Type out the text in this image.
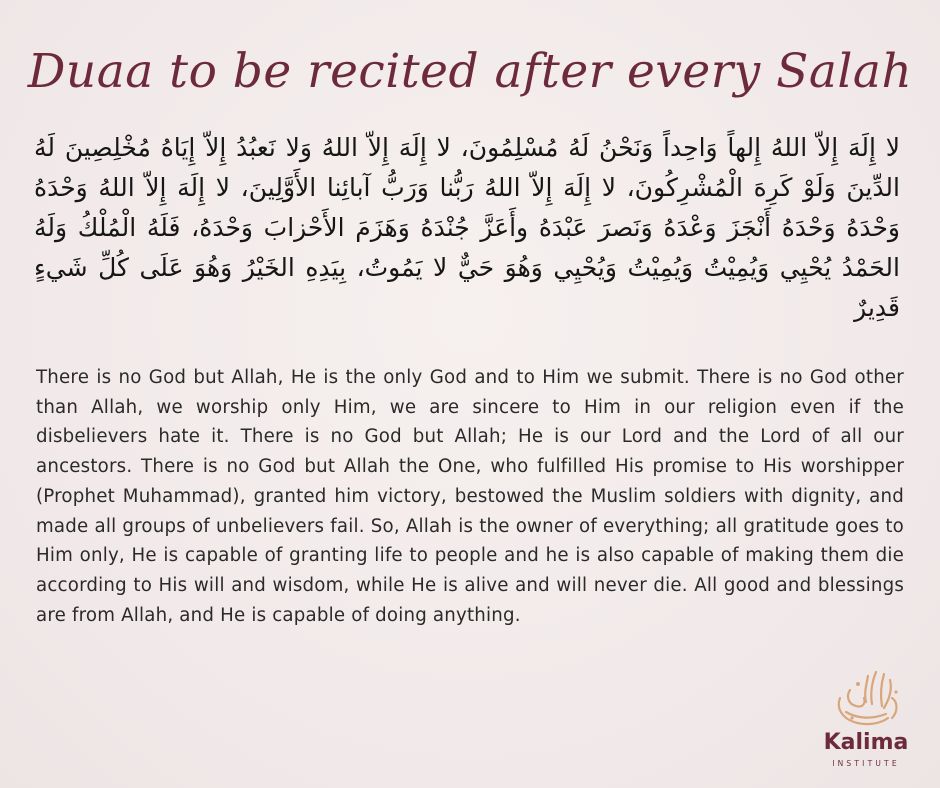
Duaa to be recited after every Salah
لا إِلَهَ إِلاّ اللهُ إِلهاً وَاحِداً وَنَحْنُ لَهُ مُسْلِمُونَ، لا إِلَهَ إِلاّ اللهُ وَلا نَعبُدُ إِلاّ إِيَاهُ مُخْلِصِينَ لَهُ الدِّينَ وَلَوْ كَرِهَ الْمُشْرِكُونَ، لا إِلَهَ إِلاّ اللهُ رَبُّنا وَرَبُّ آبائِنا الأَوَّلِينَ، لا إِلَهَ إِلاّ اللهُ وَحْدَهُ وَحْدَهُ وَحْدَهُ أَنْجَزَ وَعْدَهُ وَنَصرَ عَبْدَهُ وأَعَزَّ جُنْدَهُ وَهَزَمَ الأَحْزابَ وَحْدَهُ، فَلَهُ الْمُلْكُ وَلَهُ الحَمْدُ يُحْيِي وَيُمِيْتُ وَيُمِيْتُ وَيُحْيِي وَهُوَ حَيٌّ لا يَمُوتُ، بِيَدِهِ الخَيْرُ وَهُوَ عَلَى كُلِّ شَيءٍ قَدِيرٌ
There is no God but Allah, He is the only God and to Him we submit. There is no God other than Allah, we worship only Him, we are sincere to Him in our religion even if the disbelievers hate it. There is no God but Allah; He is our Lord and the Lord of all our ancestors. There is no God but Allah the One, who fulfilled His promise to His worshipper (Prophet Muhammad), granted him victory, bestowed the Muslim soldiers with dignity, and made all groups of unbelievers fail. So, Allah is the owner of everything; all gratitude goes to Him only, He is capable of granting life to people and he is also capable of making them die according to His will and wisdom, while He is alive and will never die. All good and blessings are from Allah, and He is capable of doing anything.
Kalima
INSTITUTE
